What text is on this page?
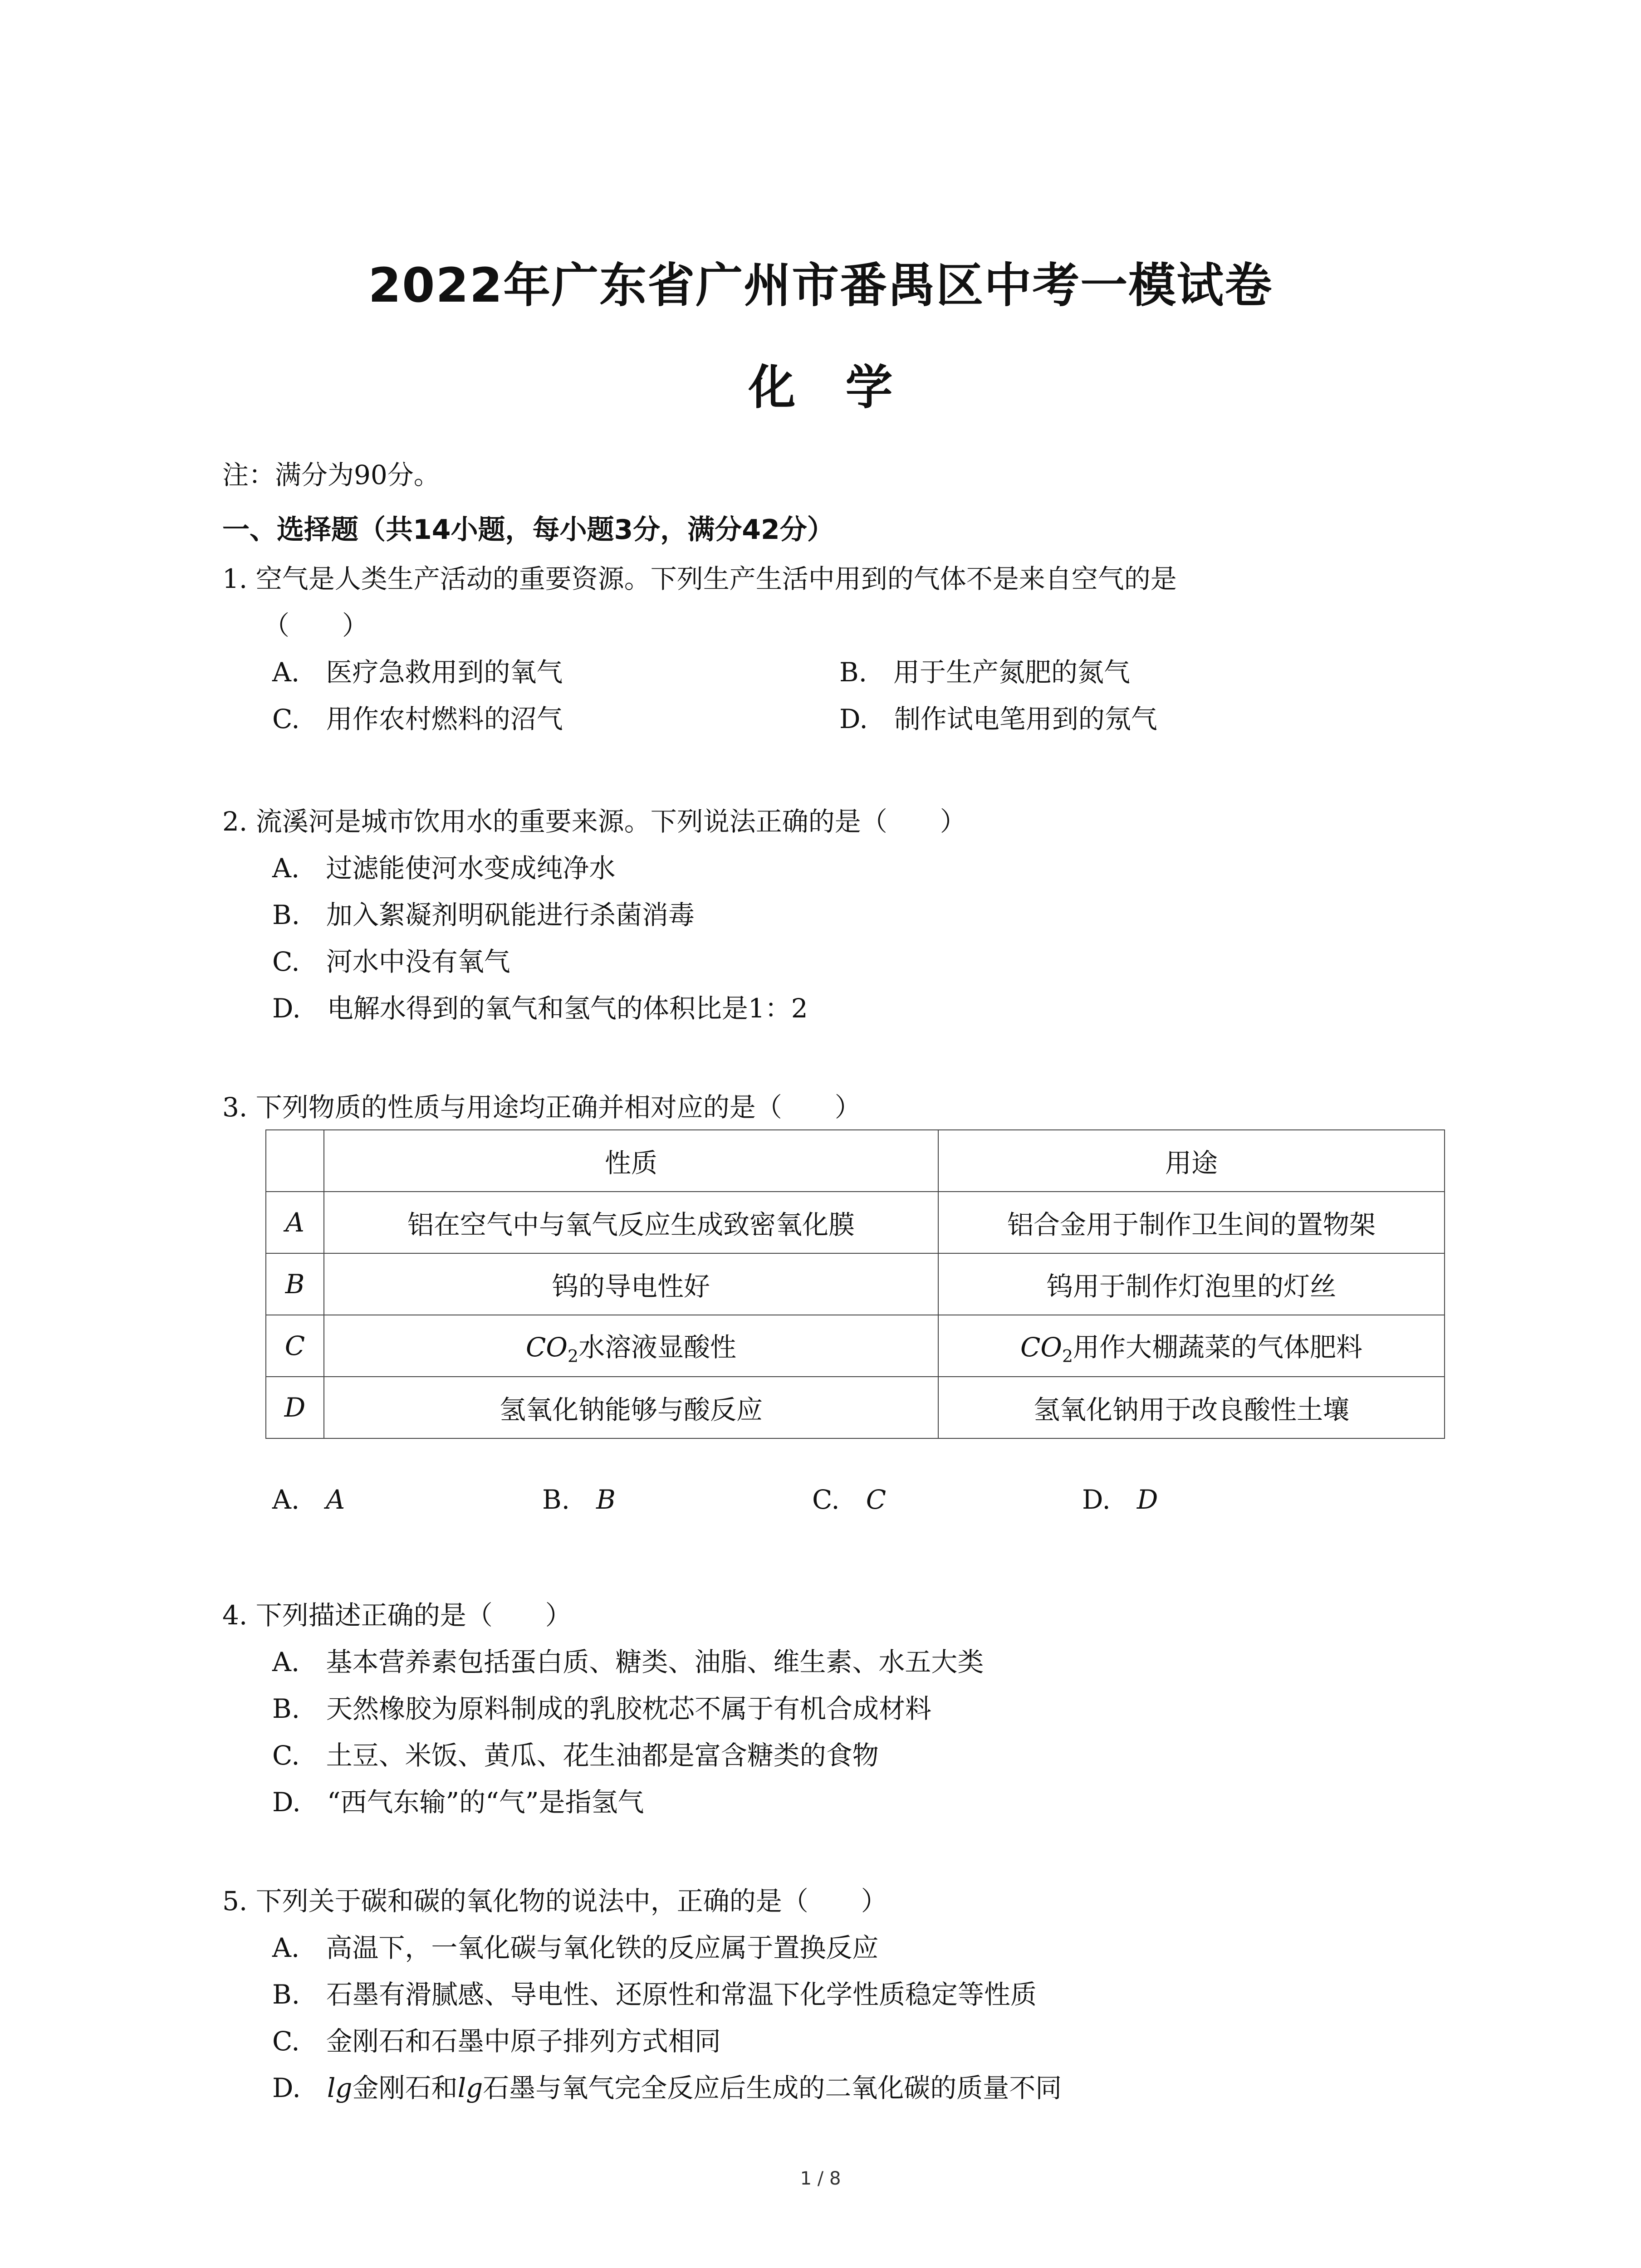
2022年广东省广州市番禺区中考一模试卷
化学
注：满分为90分。
一、选择题（共14小题，每小题3分，满分42分）
1. 空气是人类生产活动的重要资源。下列生产生活中用到的气体不是来自空气的是
（　　）
A.　医疗急救用到的氧气	B.　用于生产氮肥的氮气
C.　用作农村燃料的沼气	D.　制作试电笔用到的氖气
2. 流溪河是城市饮用水的重要来源。下列说法正确的是（　　）
A.　过滤能使河水变成纯净水
B.　加入絮凝剂明矾能进行杀菌消毒
C.　河水中没有氧气
D.　电解水得到的氧气和氢气的体积比是1：2
3. 下列物质的性质与用途均正确并相对应的是（　　）
	性质	用途
A	铝在空气中与氧气反应生成致密氧化膜	铝合金用于制作卫生间的置物架
B	钨的导电性好	钨用于制作灯泡里的灯丝
C	$CO_2$水溶液显酸性	$CO_2$用作大棚蔬菜的气体肥料
D	氢氧化钠能够与酸反应	氢氧化钠用于改良酸性土壤
A.　A	B.　B	C.　C	D.　D
4. 下列描述正确的是（　　）
A.　基本营养素包括蛋白质、糖类、油脂、维生素、水五大类
B.　天然橡胶为原料制成的乳胶枕芯不属于有机合成材料
C.　土豆、米饭、黄瓜、花生油都是富含糖类的食物
D.　“西气东输”的“气”是指氢气
5. 下列关于碳和碳的氧化物的说法中，正确的是（　　）
A.　高温下，一氧化碳与氧化铁的反应属于置换反应
B.　石墨有滑腻感、导电性、还原性和常温下化学性质稳定等性质
C.　金刚石和石墨中原子排列方式相同
D.　lg金刚石和lg石墨与氧气完全反应后生成的二氧化碳的质量不同
1 / 8
